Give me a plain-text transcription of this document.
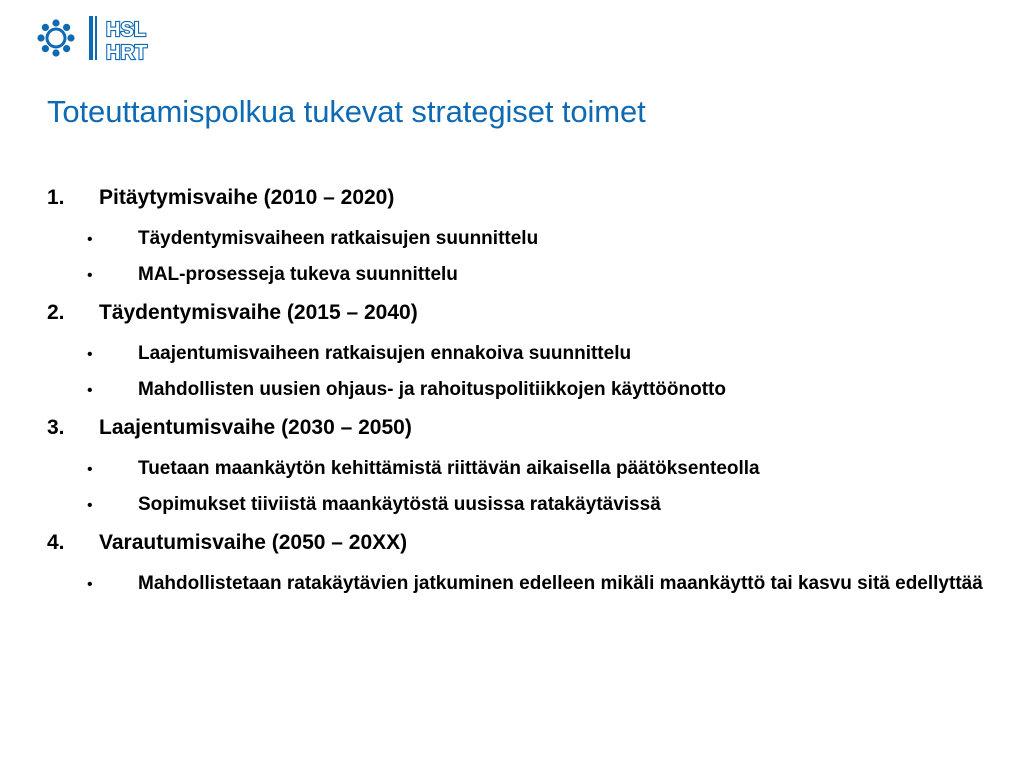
HSL
HRT
Toteuttamispolkua tukevat strategiset toimet
1. Pitäytymisvaihe (2010 – 2020)
• Täydentymisvaiheen ratkaisujen suunnittelu
• MAL-prosesseja tukeva suunnittelu
2. Täydentymisvaihe (2015 – 2040)
• Laajentumisvaiheen ratkaisujen ennakoiva suunnittelu
• Mahdollisten uusien ohjaus- ja rahoituspolitiikkojen käyttöönotto
3. Laajentumisvaihe (2030 – 2050)
• Tuetaan maankäytön kehittämistä riittävän aikaisella päätöksenteolla
• Sopimukset tiiviistä maankäytöstä uusissa ratakäytävissä
4. Varautumisvaihe (2050 – 20XX)
• Mahdollistetaan ratakäytävien jatkuminen edelleen mikäli maankäyttö tai kasvu sitä edellyttää
